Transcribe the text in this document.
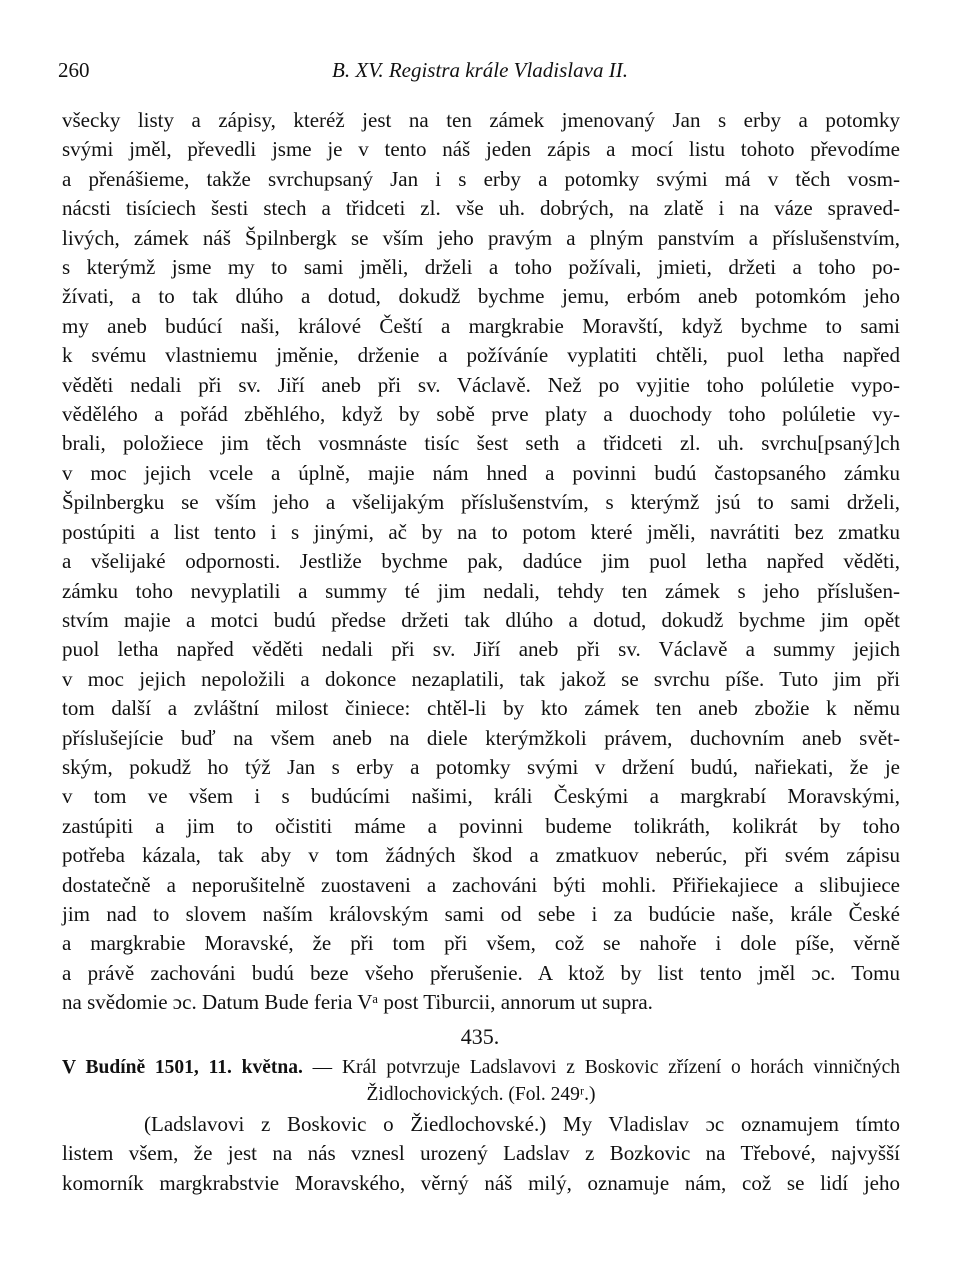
260	B. XV. Registra krále Vladislava II.
všecky listy a zápisy, kteréž jest na ten zámek jmenovaný Jan s erby a potomky
svými jměl, převedli jsme je v tento náš jeden zápis a mocí listu tohoto převodíme
a přenášieme, takže svrchupsaný Jan i s erby a potomky svými má v těch vosm-
nácsti tisíciech šesti stech a třidceti zl. vše uh. dobrých, na zlatě i na váze spraved-
livých, zámek náš Špilnbergk se vším jeho pravým a plným panstvím a příslušenstvím,
s kterýmž jsme my to sami jměli, drželi a toho požívali, jmieti, držeti a toho po-
žívati, a to tak dlúho a dotud, dokudž bychme jemu, erbóm aneb potomkóm jeho
my aneb budúcí naši, králové Čeští a margkrabie Moravští, když bychme to sami
k svému vlastniemu jměnie, drženie a požíváníe vyplatiti chtěli, puol letha napřed
věděti nedali při sv. Jiří aneb při sv. Václavě. Než po vyjitie toho polúletie vypo-
vědělého a pořád zběhlého, když by sobě prve platy a duochody toho polúletie vy-
brali, položiece jim těch vosmnáste tisíc šest seth a třidceti zl. uh. svrchu[psaný]ch
v moc jejich vcele a úplně, majie nám hned a povinni budú častopsaného zámku
Špilnbergku se vším jeho a všelijakým příslušenstvím, s kterýmž jsú to sami drželi,
postúpiti a list tento i s jinými, ač by na to potom které jměli, navrátiti bez zmatku
a všelijaké odpornosti. Jestliže bychme pak, dadúce jim puol letha napřed věděti,
zámku toho nevyplatili a summy té jim nedali, tehdy ten zámek s jeho příslušen-
stvím majie a motci budú předse držeti tak dlúho a dotud, dokudž bychme jim opět
puol letha napřed věděti nedali při sv. Jiří aneb při sv. Václavě a summy jejich
v moc jejich nepoložili a dokonce nezaplatili, tak jakož se svrchu píše. Tuto jim při
tom další a zvláštní milost činiece: chtěl-li by kto zámek ten aneb zbožie k němu
příslušejície buď na všem aneb na diele kterýmžkoli právem, duchovním aneb svět-
ským, pokudž ho týž Jan s erby a potomky svými v držení budú, nařiekati, že je
v tom ve všem i s budúcími našimi, králi Českými a margkrabí Moravskými,
zastúpiti a jim to očistiti máme a povinni budeme tolikráth, kolikrát by toho
potřeba kázala, tak aby v tom žádných škod a zmatkuov neberúc, při svém zápisu
dostatečně a neporušitelně zuostaveni a zachováni býti mohli. Přiřiekajiece a slibujiece
jim nad to slovem naším královským sami od sebe i za budúcie naše, krále České
a margkrabie Moravské, že při tom při všem, což se nahoře i dole píše, věrně
a právě zachováni budú beze všeho přerušenie. A ktož by list tento jměl ɔc. Tomu
na svědomie ɔc. Datum Bude feria Vᵃ post Tiburcii, annorum ut supra.
435.
V Budíně 1501, 11. května. — Král potvrzuje Ladslavovi z Boskovic zřízení o horách vinničných
Židlochovických. (Fol. 249ʳ.)
(Ladslavovi z Boskovic o Žiedlochovské.) My Vladislav ɔc oznamujem tímto
listem všem, že jest na nás vznesl urozený Ladslav z Bozkovic na Třebové, najvyšší
komorník margkrabstvie Moravského, věrný náš milý, oznamuje nám, což se lidí jeho
